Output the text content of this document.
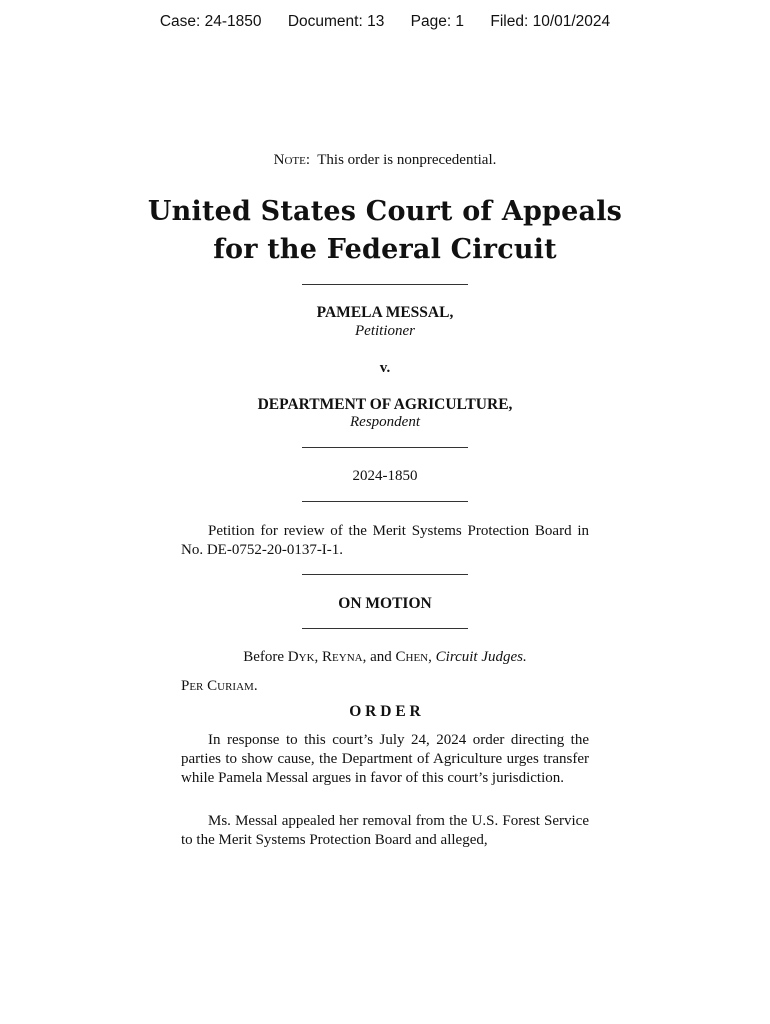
Case: 24-1850 Document: 13 Page: 1 Filed: 10/01/2024
Note: This order is nonprecedential.
United States Court of Appeals
for the Federal Circuit
PAMELA MESSAL,
Petitioner
v.
DEPARTMENT OF AGRICULTURE,
Respondent
2024-1850
Petition for review of the Merit Systems Protection Board in No. DE-0752-20-0137-I-1.
ON MOTION
Before Dyk, Reyna, and Chen, Circuit Judges.
Per Curiam.
O R D E R
In response to this court’s July 24, 2024 order directing the parties to show cause, the Department of Agriculture urges transfer while Pamela Messal argues in favor of this court’s jurisdiction.
Ms. Messal appealed her removal from the U.S. Forest Service to the Merit Systems Protection Board and alleged,
